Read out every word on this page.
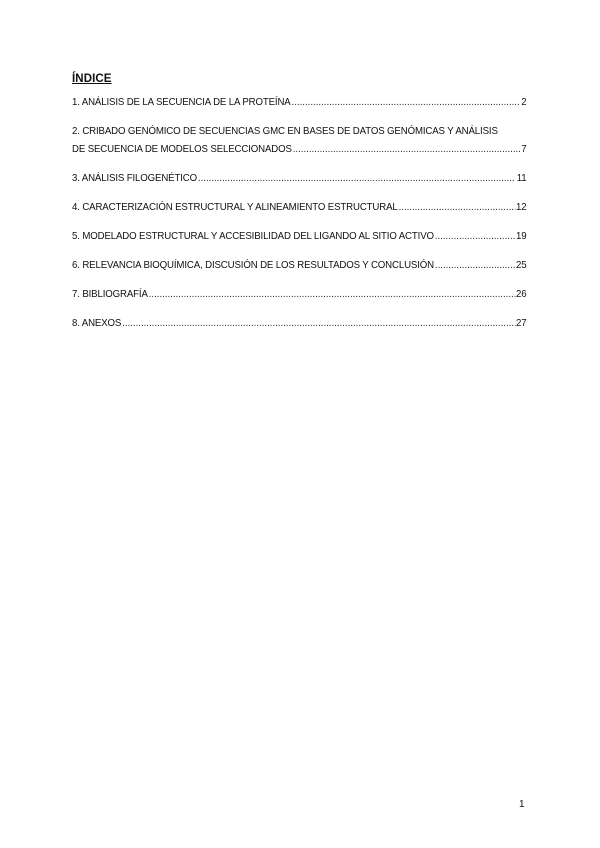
ÍNDICE
1. ANÁLISIS DE LA SECUENCIA DE LA PROTEÍNA .....	2
2. CRIBADO GENÓMICO DE SECUENCIAS GMC EN BASES DE DATOS GENÓMICAS Y ANÁLISIS
DE SECUENCIA DE MODELOS SELECCIONADOS .....	7
3. ANÁLISIS FILOGENÉTICO .....	11
4. CARACTERIZACIÓN ESTRUCTURAL Y ALINEAMIENTO ESTRUCTURAL .....	12
5. MODELADO ESTRUCTURAL Y ACCESIBILIDAD DEL LIGANDO AL SITIO ACTIVO .....	19
6. RELEVANCIA BIOQUÍMICA, DISCUSIÓN DE LOS RESULTADOS Y CONCLUSIÓN .....	25
7. BIBLIOGRAFÍA .....	26
8. ANEXOS .....	27
1
